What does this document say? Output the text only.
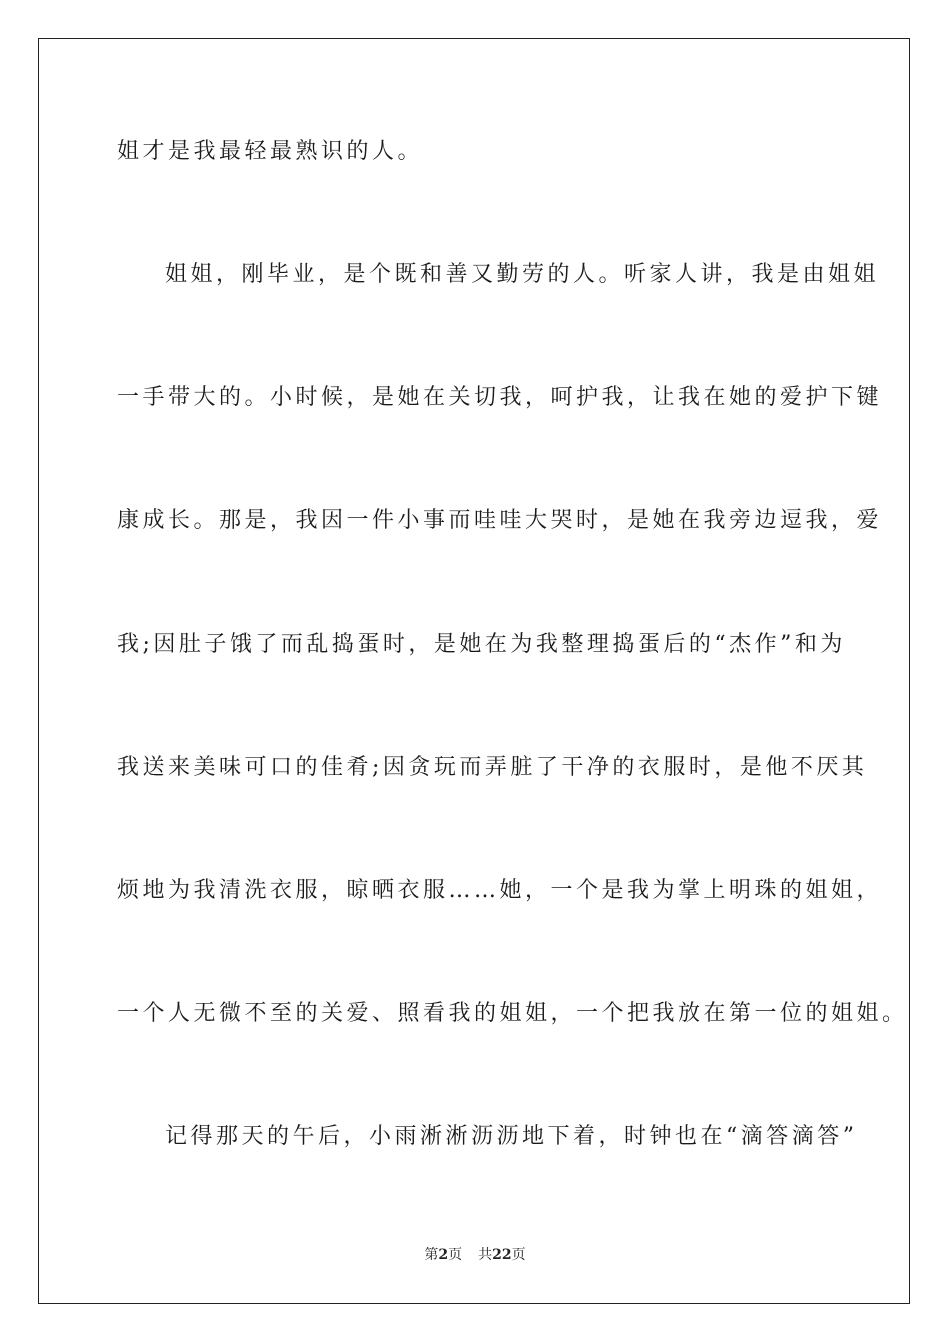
姐才是我最轻最熟识的人。
姐姐，刚毕业，是个既和善又勤劳的人。听家人讲，我是由姐姐
一手带大的。小时候，是她在关切我，呵护我，让我在她的爱护下键
康成长。那是，我因一件小事而哇哇大哭时，是她在我旁边逗我，爱
我;因肚子饿了而乱捣蛋时，是她在为我整理捣蛋后的“杰作”和为
我送来美味可口的佳肴;因贪玩而弄脏了干净的衣服时，是他不厌其
烦地为我清洗衣服，晾晒衣服……她，一个是我为掌上明珠的姐姐，
一个人无微不至的关爱、照看我的姐姐，一个把我放在第一位的姐姐。
记得那天的午后，小雨淅淅沥沥地下着，时钟也在“滴答滴答”
第2页 共22页
